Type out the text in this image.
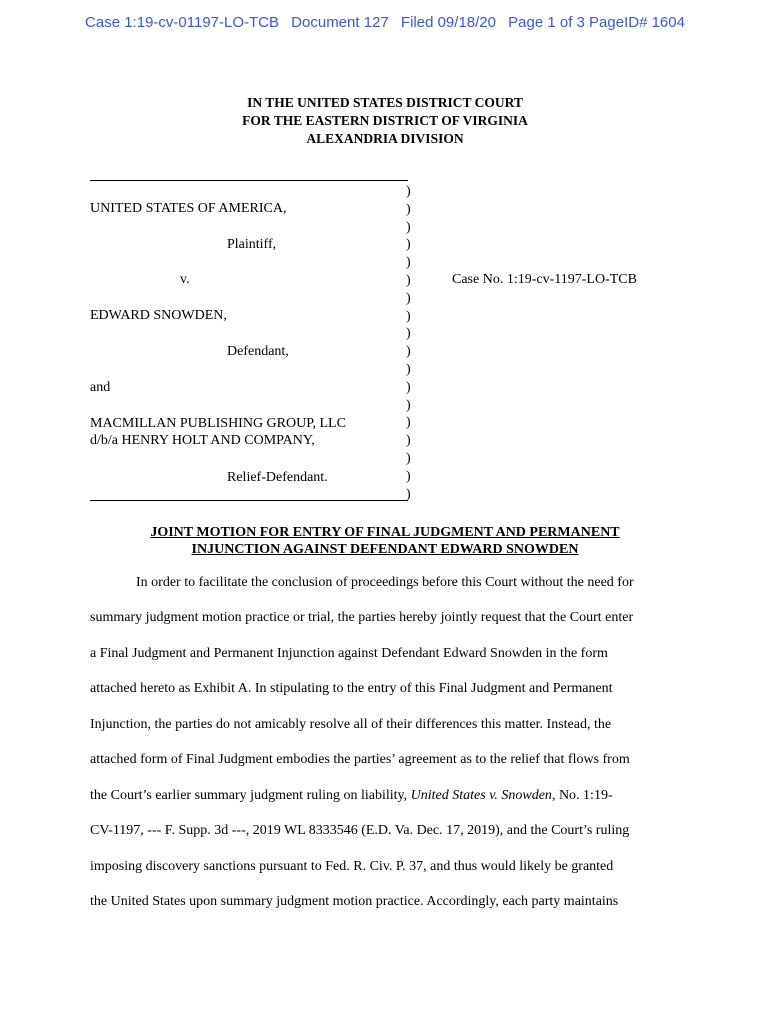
Case 1:19-cv-01197-LO-TCB Document 127 Filed 09/18/20 Page 1 of 3 PageID# 1604
IN THE UNITED STATES DISTRICT COURT
FOR THE EASTERN DISTRICT OF VIRGINIA
ALEXANDRIA DIVISION
UNITED STATES OF AMERICA,
Plaintiff,
v.
EDWARD SNOWDEN,
Defendant,
and
MACMILLAN PUBLISHING GROUP, LLC
d/b/a HENRY HOLT AND COMPANY,
Relief-Defendant.
)
)
)
)
)
)
)
)
)
)
)
)
)
)
)
)
)
)
Case No. 1:19-cv-1197-LO-TCB
JOINT MOTION FOR ENTRY OF FINAL JUDGMENT AND PERMANENT
INJUNCTION AGAINST DEFENDANT EDWARD SNOWDEN
In order to facilitate the conclusion of proceedings before this Court without the need for
summary judgment motion practice or trial, the parties hereby jointly request that the Court enter
a Final Judgment and Permanent Injunction against Defendant Edward Snowden in the form
attached hereto as Exhibit A. In stipulating to the entry of this Final Judgment and Permanent
Injunction, the parties do not amicably resolve all of their differences this matter. Instead, the
attached form of Final Judgment embodies the parties’ agreement as to the relief that flows from
the Court’s earlier summary judgment ruling on liability, United States v. Snowden, No. 1:19-
CV-1197, --- F. Supp. 3d ---, 2019 WL 8333546 (E.D. Va. Dec. 17, 2019), and the Court’s ruling
imposing discovery sanctions pursuant to Fed. R. Civ. P. 37, and thus would likely be granted
the United States upon summary judgment motion practice. Accordingly, each party maintains
